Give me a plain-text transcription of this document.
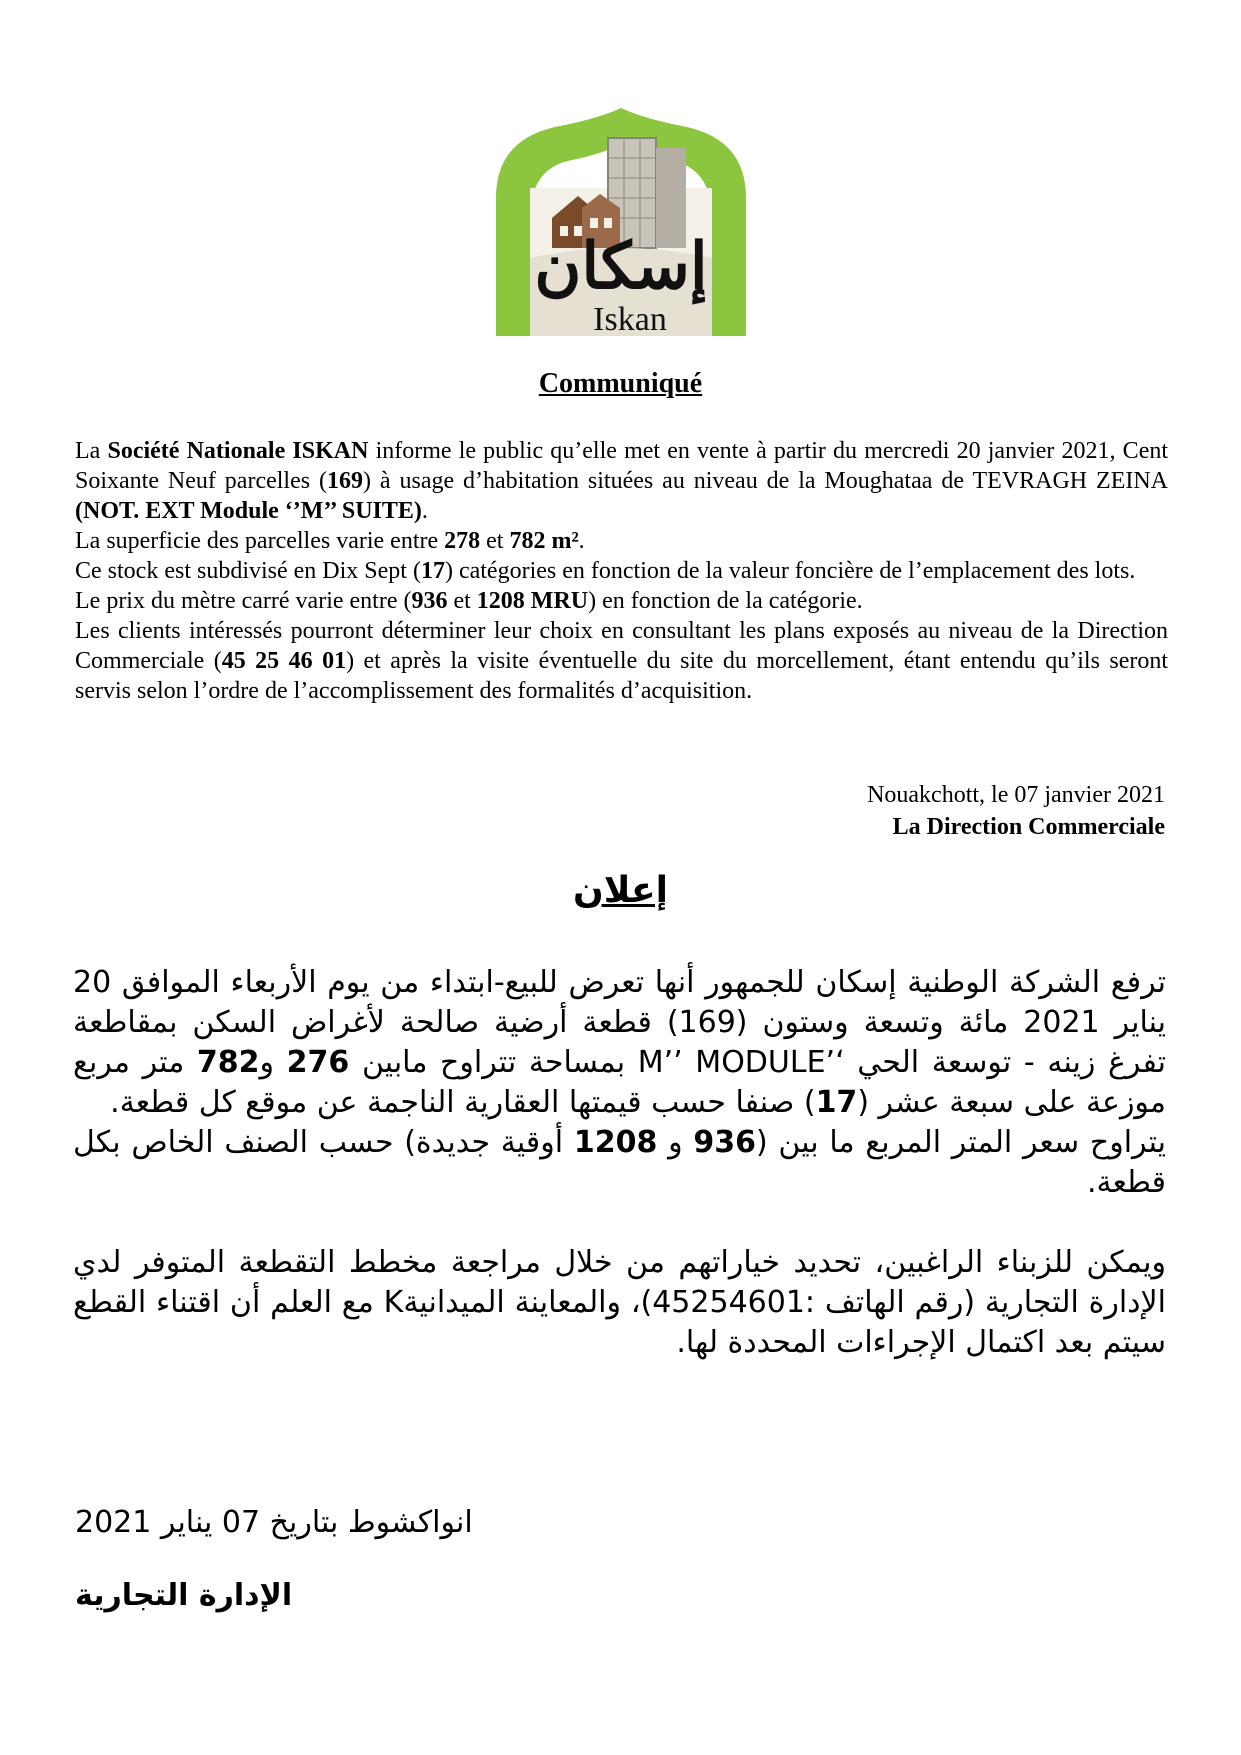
إسكان
Iskan
Communiqué
La Société Nationale ISKAN informe le public qu’elle met en vente à partir du mercredi 20 janvier 2021, Cent Soixante Neuf parcelles (169) à usage d’habitation situées au niveau de la Moughataa de TEVRAGH ZEINA (NOT. EXT Module ‘’M’’ SUITE).
La superficie des parcelles varie entre 278 et 782 m².
Ce stock est subdivisé en Dix Sept (17) catégories en fonction de la valeur foncière de l’emplacement des lots.
Le prix du mètre carré varie entre (936 et 1208 MRU) en fonction de la catégorie.
Les clients intéressés pourront déterminer leur choix en consultant les plans exposés au niveau de la Direction Commerciale (45 25 46 01) et après la visite éventuelle du site du morcellement, étant entendu qu’ils seront servis selon l’ordre de l’accomplissement des formalités d’acquisition.
Nouakchott, le 07 janvier 2021
La Direction Commerciale
إعلان
ترفع الشركة الوطنية إسكان للجمهور أنها تعرض للبيع-ابتداء من يوم الأربعاء الموافق 20 يناير 2021 مائة وتسعة وستون (169) قطعة أرضية صالحة لأغراض السكن بمقاطعة تفرغ زينه - توسعة الحي ‘’M’’ MODULE بمساحة تتراوح مابين 276 و782 متر مربع موزعة على سبعة عشر (17) صنفا حسب قيمتها العقارية الناجمة عن موقع كل قطعة.
يتراوح سعر المتر المربع ما بين (936 و 1208 أوقية جديدة) حسب الصنف الخاص بكل قطعة.
ويمكن للزبناء الراغبين، تحديد خياراتهم من خلال مراجعة مخطط التقطعة المتوفر لدي الإدارة التجارية (رقم الهاتف :45254601)، والمعاينة الميدانيةK مع العلم أن اقتناء القطع سيتم بعد اكتمال الإجراءات المحددة لها.
انواكشوط بتاريخ 07 يناير 2021
الإدارة التجارية
